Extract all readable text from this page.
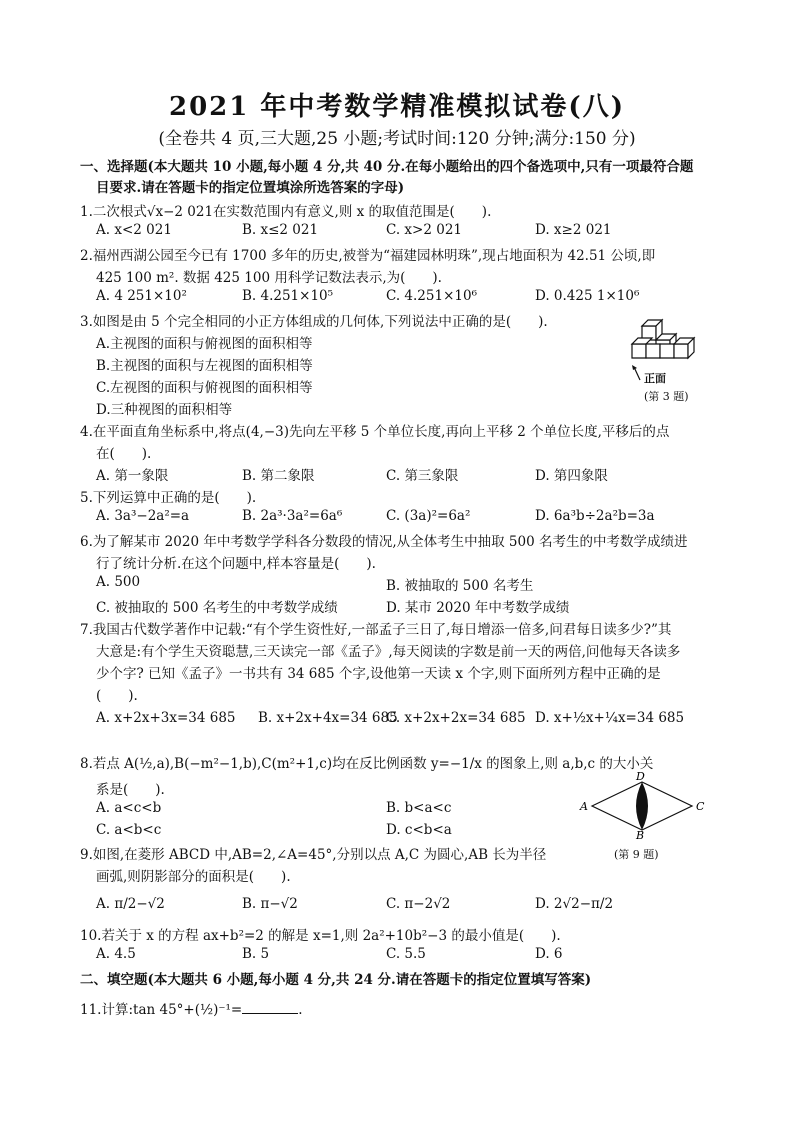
2021 年中考数学精准模拟试卷(八)
(全卷共 4 页,三大题,25 小题;考试时间:120 分钟;满分:150 分)
一、选择题(本大题共 10 小题,每小题 4 分,共 40 分.在每小题给出的四个备选项中,只有一项最符合题
目要求.请在答题卡的指定位置填涂所选答案的字母)
1.二次根式√x−2 021在实数范围内有意义,则 x 的取值范围是(　　).
A. x<2 021	B. x≤2 021	C. x>2 021	D. x≥2 021
2.福州西湖公园至今已有 1700 多年的历史,被誉为“福建园林明珠”,现占地面积为 42.51 公顷,即
425 100 m². 数据 425 100 用科学记数法表示,为(　　).
A. 4 251×10²	B. 4.251×10⁵	C. 4.251×10⁶	D. 0.425 1×10⁶
3.如图是由 5 个完全相同的小正方体组成的几何体,下列说法中正确的是(　　).
A.主视图的面积与俯视图的面积相等
B.主视图的面积与左视图的面积相等
C.左视图的面积与俯视图的面积相等
D.三种视图的面积相等
正面
(第 3 题)
4.在平面直角坐标系中,将点(4,−3)先向左平移 5 个单位长度,再向上平移 2 个单位长度,平移后的点
在(　　).
A. 第一象限	B. 第二象限	C. 第三象限	D. 第四象限
5.下列运算中正确的是(　　).
A. 3a³−2a²=a	B. 2a³·3a²=6a⁶	C. (3a)²=6a²	D. 6a³b÷2a²b=3a
6.为了解某市 2020 年中考数学学科各分数段的情况,从全体考生中抽取 500 名考生的中考数学成绩进
行了统计分析.在这个问题中,样本容量是(　　).
A. 500	B. 被抽取的 500 名考生
C. 被抽取的 500 名考生的中考数学成绩	D. 某市 2020 年中考数学成绩
7.我国古代数学著作中记载:“有个学生资性好,一部孟子三日了,每日增添一倍多,问君每日读多少?”其
大意是:有个学生天资聪慧,三天读完一部《孟子》,每天阅读的字数是前一天的两倍,问他每天各读多
少个字? 已知《孟子》一书共有 34 685 个字,设他第一天读 x 个字,则下面所列方程中正确的是
(　　).
A. x+2x+3x=34 685 B. x+2x+4x=34 685
C. x+2x+2x=34 685 D. x+½x+¼x=34 685
8.若点 A(½,a),B(−m²−1,b),C(m²+1,c)均在反比例函数 y=−1/x 的图象上,则 a,b,c 的大小关
系是(　　).
A. a<c<b	B. b<a<c
C. a<b<c	D. c<b<a
A
D
C
B
(第 9 题)
9.如图,在菱形 ABCD 中,AB=2,∠A=45°,分别以点 A,C 为圆心,AB 长为半径
画弧,则阴影部分的面积是(　　).
A. π/2−√2	B. π−√2	C. π−2√2	D. 2√2−π/2
10.若关于 x 的方程 ax+b²=2 的解是 x=1,则 2a²+10b²−3 的最小值是(　　).
A. 4.5	B. 5	C. 5.5	D. 6
二、填空题(本大题共 6 小题,每小题 4 分,共 24 分.请在答题卡的指定位置填写答案)
11.计算:tan 45°+(½)⁻¹=	.
